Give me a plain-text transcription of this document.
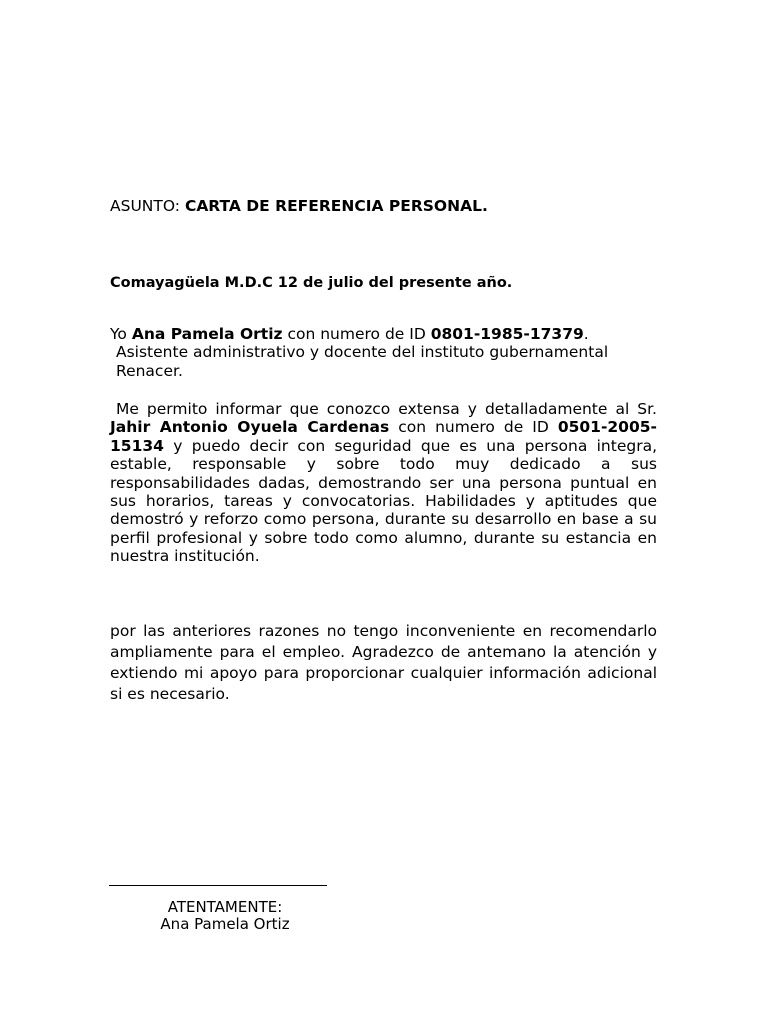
ASUNTO: CARTA DE REFERENCIA PERSONAL.
Comayagüela M.D.C 12 de julio del presente año.
Yo Ana Pamela Ortiz con numero de ID 0801-1985-17379.
Asistente administrativo y docente del instituto gubernamental Renacer.
Me permito informar que conozco extensa y detalladamente al Sr. Jahir Antonio Oyuela Cardenas con numero de ID 0501-2005-15134 y puedo decir con seguridad que es una persona integra, estable, responsable y sobre todo muy dedicado a sus responsabilidades dadas, demostrando ser una persona puntual en sus horarios, tareas y convocatorias. Habilidades y aptitudes que demostró y reforzo como persona, durante su desarrollo en base a su perfil profesional y sobre todo como alumno, durante su estancia en nuestra institución.
por las anteriores razones no tengo inconveniente en recomendarlo ampliamente para el empleo. Agradezco de antemano la atención y extiendo mi apoyo para proporcionar cualquier información adicional si es necesario.
ATENTAMENTE:
Ana Pamela Ortiz
